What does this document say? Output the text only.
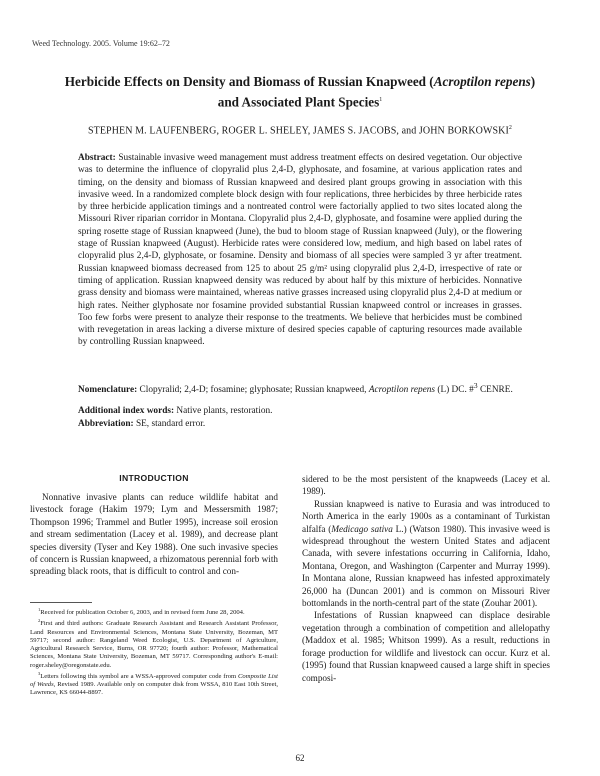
Weed Technology. 2005. Volume 19:62–72
Herbicide Effects on Density and Biomass of Russian Knapweed (Acroptilon repens)
and Associated Plant Species$^1$
STEPHEN M. LAUFENBERG, ROGER L. SHELEY, JAMES S. JACOBS, and JOHN BORKOWSKI$^2$

Abstract: Sustainable invasive weed management must address treatment effects on desired vegetation. Our objective was to determine the influence of clopyralid plus 2,4-D, glyphosate, and fosamine, at various application rates and timing, on the density and biomass of Russian knapweed and desired plant groups growing in association with this invasive weed. In a randomized complete block design with four replications, three herbicides by three herbicide rates by three herbicide application timings and a nontreated control were factorially applied to two sites located along the Missouri River riparian corridor in Montana. Clopyralid plus 2,4-D, glyphosate, and fosamine were applied during the spring rosette stage of Russian knapweed (June), the bud to bloom stage of Russian knapweed (July), or the flowering stage of Russian knapweed (August). Herbicide rates were considered low, medium, and high based on label rates of clopyralid plus 2,4-D, glyphosate, or fosamine. Density and biomass of all species were sampled 3 yr after treatment. Russian knapweed biomass decreased from 125 to about 25 g/m² using clopyralid plus 2,4-D, irrespective of rate or timing of application. Russian knapweed density was reduced by about half by this mixture of herbicides. Nonnative grass density and biomass were maintained, whereas native grasses increased using clopyralid plus 2,4-D at medium or high rates. Neither glyphosate nor fosamine provided substantial Russian knapweed control or increases in grasses. Too few forbs were present to analyze their response to the treatments. We believe that herbicides must be combined with revegetation in areas lacking a diverse mixture of desired species capable of capturing resources made available by controlling Russian knapweed.

Nomenclature: Clopyralid; 2,4-D; fosamine; glyphosate; Russian knapweed, Acroptilon repens (L) DC. #$^3$ CENRE.

Additional index words: Native plants, restoration.

Abbreviation: SE, standard error.

INTRODUCTION

Nonnative invasive plants can reduce wildlife habitat and livestock forage (Hakim 1979; Lym and Messersmith 1987; Thompson 1996; Trammel and Butler 1995), increase soil erosion and stream sedimentation (Lacey et al. 1989), and decrease plant species diversity (Tyser and Key 1988). One such invasive species of concern is Russian knapweed, a rhizomatous perennial forb with spreading black roots, that is difficult to control and con-

$^1$Received for publication October 6, 2003, and in revised form June 28, 2004.

$^2$First and third authors: Graduate Research Assistant and Research Assistant Professor, Land Resources and Environmental Sciences, Montana State University, Bozeman, MT 59717; second author: Rangeland Weed Ecologist, U.S. Department of Agriculture, Agricultural Research Service, Burns, OR 97720; fourth author: Professor, Mathematical Sciences, Montana State University, Bozeman, MT 59717. Corresponding author's E-mail: roger.sheley@oregonstate.edu.

$^3$Letters following this symbol are a WSSA-approved computer code from Composite List of Weeds, Revised 1989. Available only on computer disk from WSSA, 810 East 10th Street, Lawrence, KS 66044-8897.

sidered to be the most persistent of the knapweeds (Lacey et al. 1989).

Russian knapweed is native to Eurasia and was introduced to North America in the early 1900s as a contaminant of Turkistan alfalfa (Medicago sativa L.) (Watson 1980). This invasive weed is widespread throughout the western United States and adjacent Canada, with severe infestations occurring in California, Idaho, Montana, Oregon, and Washington (Carpenter and Murray 1999). In Montana alone, Russian knapweed has infested approximately 26,000 ha (Duncan 2001) and is common on Missouri River bottomlands in the north-central part of the state (Zouhar 2001).

Infestations of Russian knapweed can displace desirable vegetation through a combination of competition and allelopathy (Maddox et al. 1985; Whitson 1999). As a result, reductions in forage production for wildlife and livestock can occur. Kurz et al. (1995) found that Russian knapweed caused a large shift in species composi-

62
